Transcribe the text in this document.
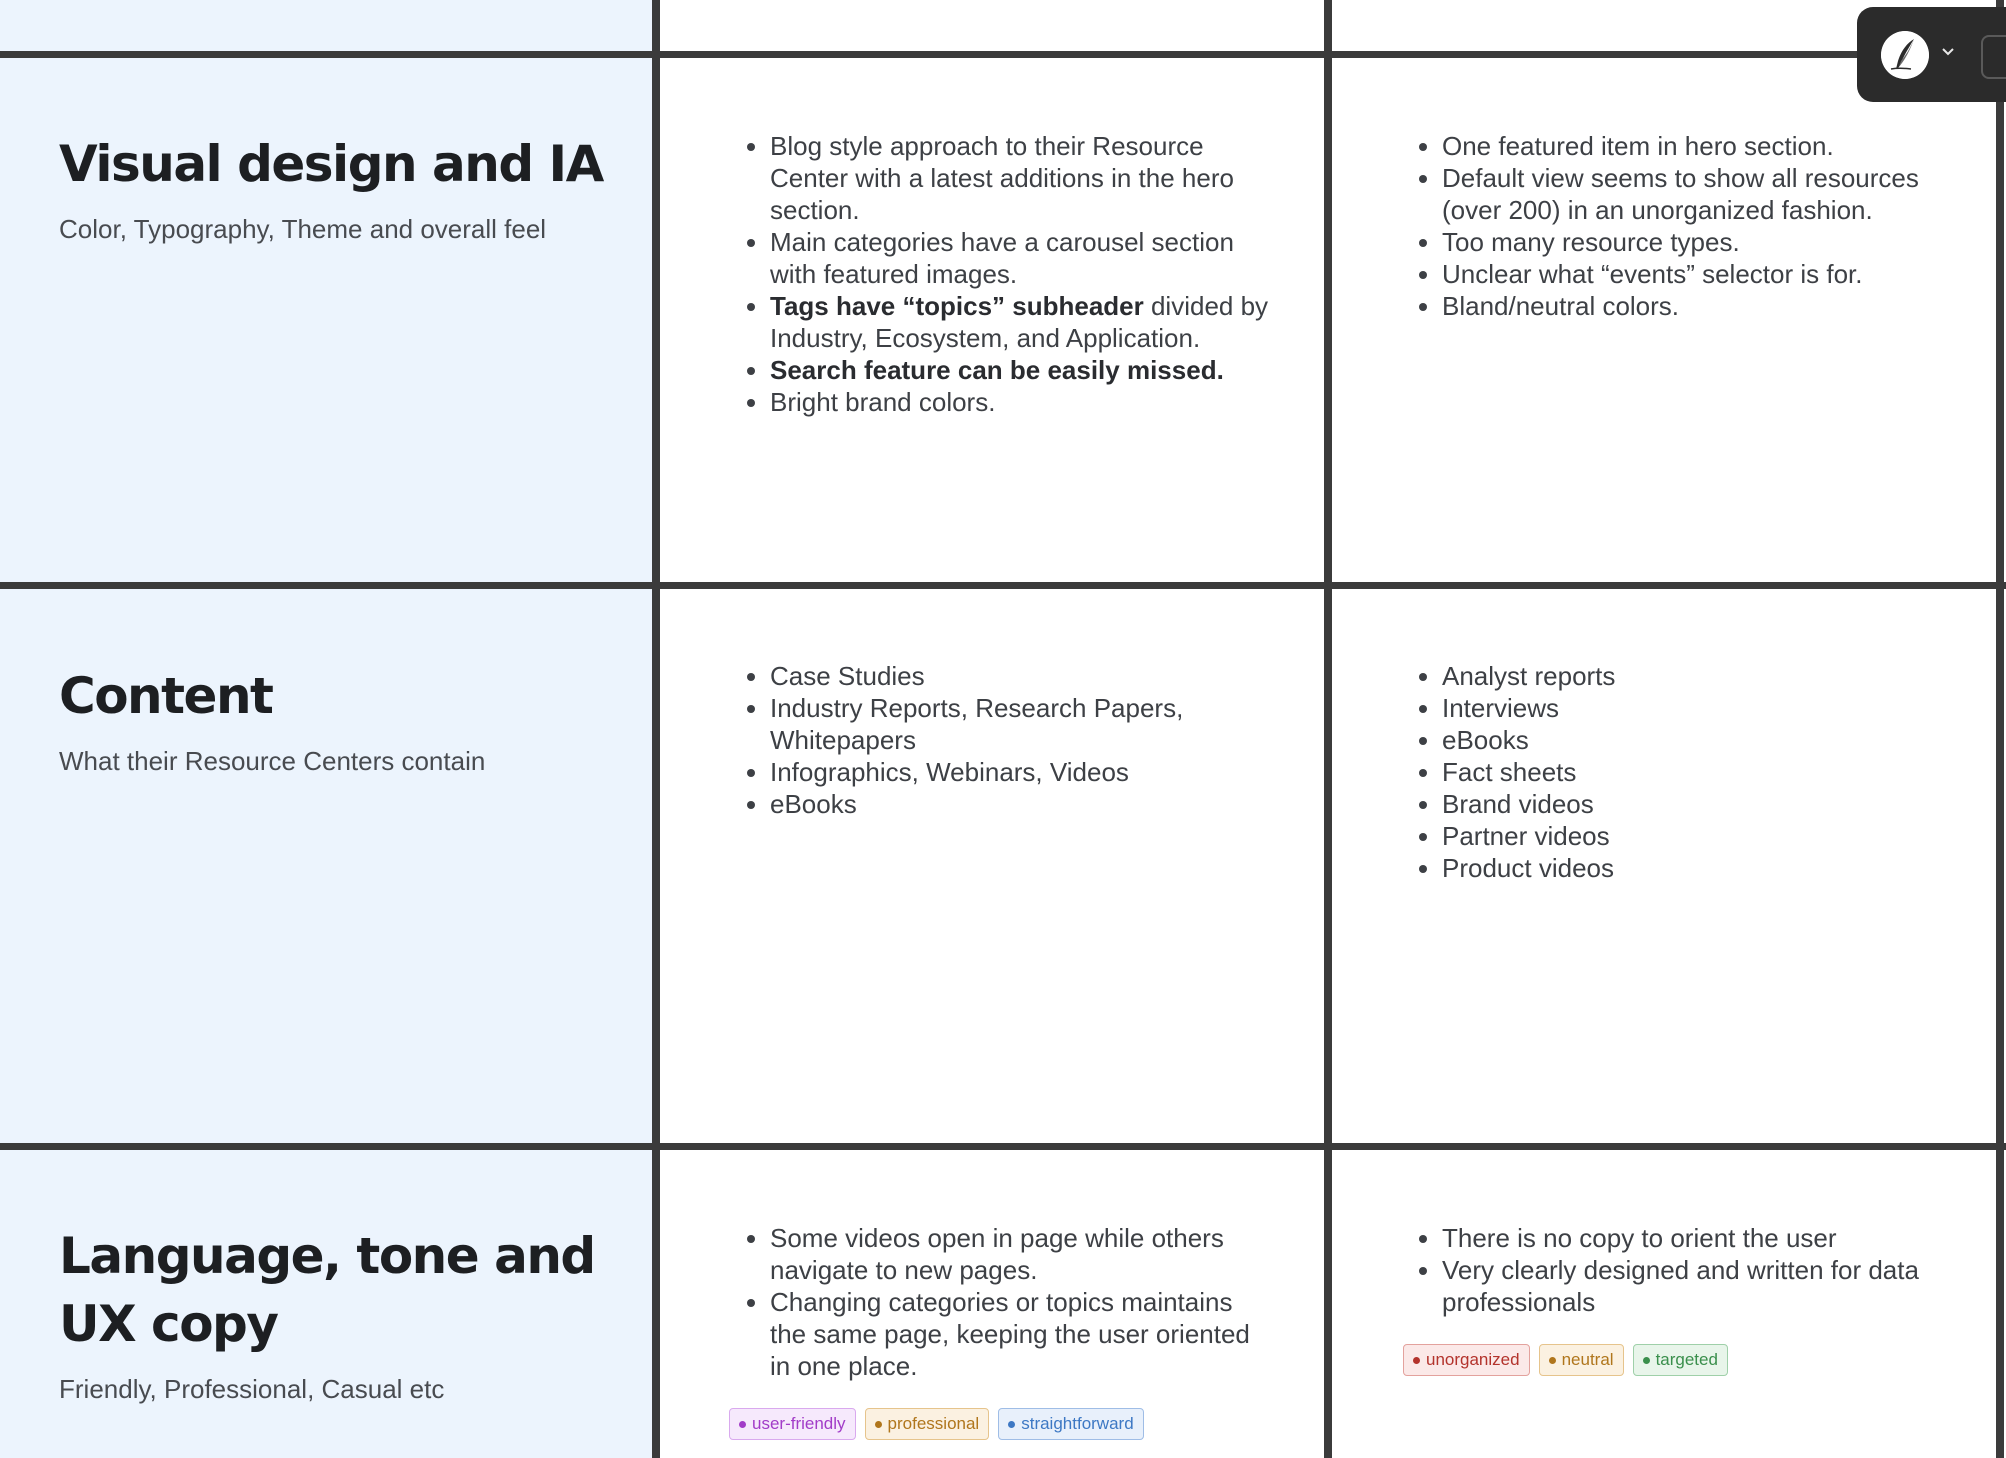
Visual design and IA
Color, Typography, Theme and overall feel
• Blog style approach to their Resource Center with a latest additions in the hero section.
• Main categories have a carousel section with featured images.
• Tags have “topics” subheader divided by Industry, Ecosystem, and Application.
• Search feature can be easily missed.
• Bright brand colors.
• One featured item in hero section.
• Default view seems to show all resources (over 200) in an unorganized fashion.
• Too many resource types.
• Unclear what “events” selector is for.
• Bland/neutral colors.
Content
What their Resource Centers contain
• Case Studies
• Industry Reports, Research Papers, Whitepapers
• Infographics, Webinars, Videos
• eBooks
• Analyst reports
• Interviews
• eBooks
• Fact sheets
• Brand videos
• Partner videos
• Product videos
Language, tone and UX copy
Friendly, Professional, Casual etc
• Some videos open in page while others navigate to new pages.
• Changing categories or topics maintains the same page, keeping the user oriented in one place.
user-friendly professional straightforward
• There is no copy to orient the user
• Very clearly designed and written for data professionals
unorganized neutral targeted
